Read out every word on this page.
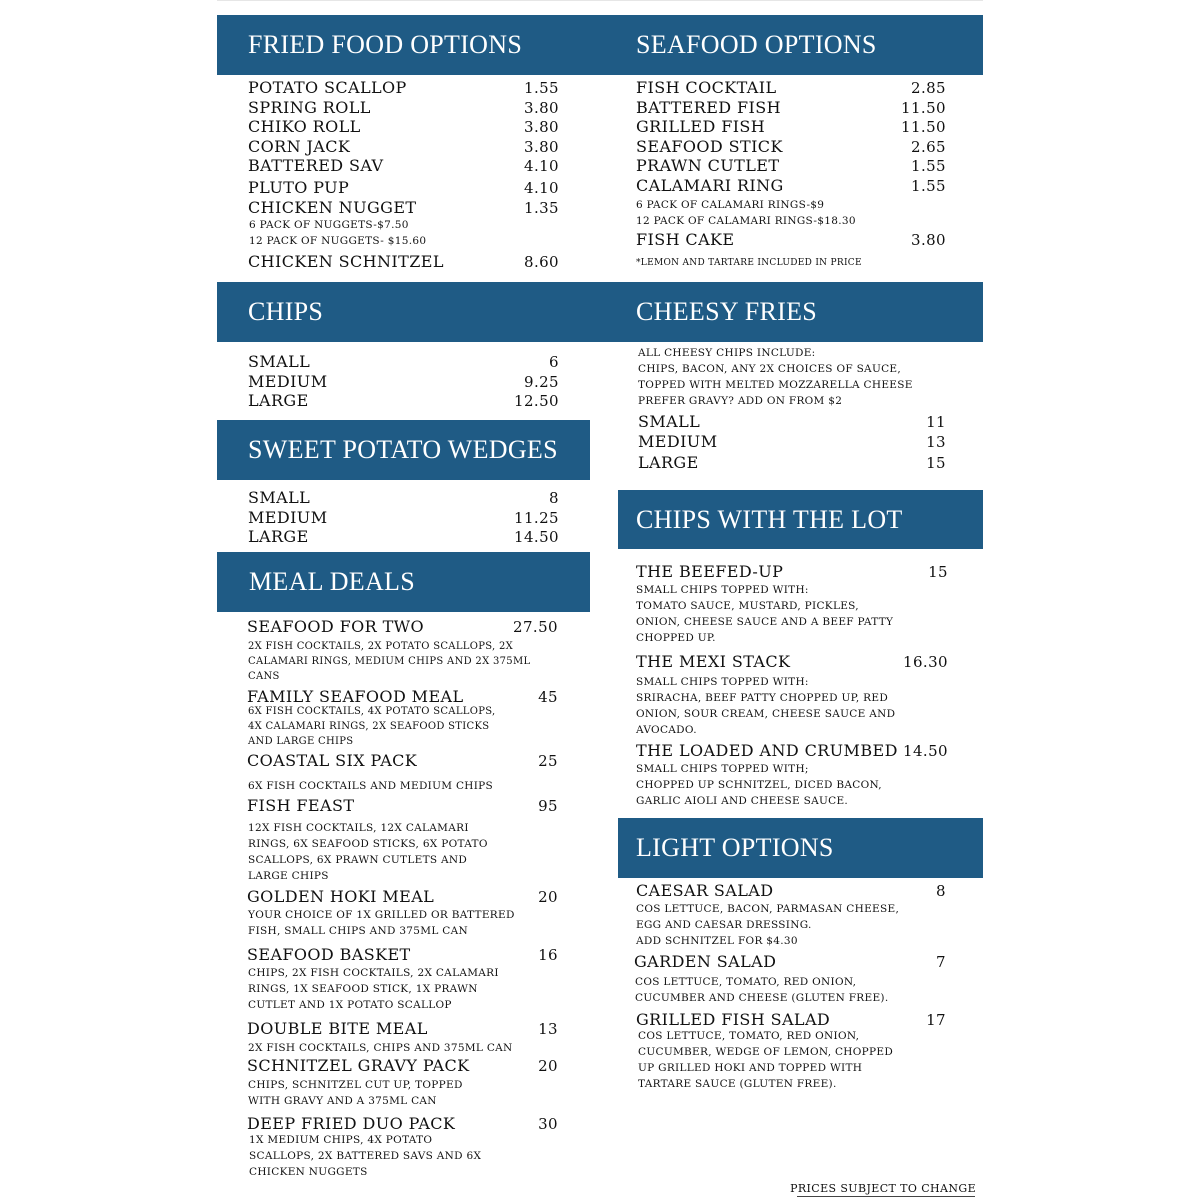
FRIED FOOD OPTIONS	SEAFOOD OPTIONS
POTATO SCALLOP	1.55
SPRING ROLL	3.80
CHIKO ROLL	3.80
CORN JACK	3.80
BATTERED SAV	4.10
PLUTO PUP	4.10
CHICKEN NUGGET	1.35
6 PACK OF NUGGETS-$7.50
12 PACK OF NUGGETS- $15.60
CHICKEN SCHNITZEL	8.60
FISH COCKTAIL	2.85
BATTERED FISH	11.50
GRILLED FISH	11.50
SEAFOOD STICK	2.65
PRAWN CUTLET	1.55
CALAMARI RING	1.55
6 PACK OF CALAMARI RINGS-$9
12 PACK OF CALAMARI RINGS-$18.30
FISH CAKE	3.80
*LEMON AND TARTARE INCLUDED IN PRICE
CHIPS	CHEESY FRIES
SMALL	6
MEDIUM	9.25
LARGE	12.50
ALL CHEESY CHIPS INCLUDE:
CHIPS, BACON, ANY 2X CHOICES OF SAUCE,
TOPPED WITH MELTED MOZZARELLA CHEESE
PREFER GRAVY? ADD ON FROM $2
SMALL	11
MEDIUM	13
LARGE	15
SWEET POTATO WEDGES
SMALL	8
MEDIUM	11.25
LARGE	14.50
CHIPS WITH THE LOT
THE BEEFED-UP	15
SMALL CHIPS TOPPED WITH:
TOMATO SAUCE, MUSTARD, PICKLES,
ONION, CHEESE SAUCE AND A BEEF PATTY
CHOPPED UP.
THE MEXI STACK	16.30
SMALL CHIPS TOPPED WITH:
SRIRACHA, BEEF PATTY CHOPPED UP, RED
ONION, SOUR CREAM, CHEESE SAUCE AND
AVOCADO.
THE LOADED AND CRUMBED 14.50
SMALL CHIPS TOPPED WITH;
CHOPPED UP SCHNITZEL, DICED BACON,
GARLIC AIOLI AND CHEESE SAUCE.
MEAL DEALS
SEAFOOD FOR TWO	27.50
2X FISH COCKTAILS, 2X POTATO SCALLOPS, 2X
CALAMARI RINGS, MEDIUM CHIPS AND 2X 375ML
CANS
FAMILY SEAFOOD MEAL	45
6X FISH COCKTAILS, 4X POTATO SCALLOPS,
4X CALAMARI RINGS, 2X SEAFOOD STICKS
AND LARGE CHIPS
COASTAL SIX PACK	25
6X FISH COCKTAILS AND MEDIUM CHIPS
FISH FEAST	95
12X FISH COCKTAILS, 12X CALAMARI
RINGS, 6X SEAFOOD STICKS, 6X POTATO
SCALLOPS, 6X PRAWN CUTLETS AND
LARGE CHIPS
GOLDEN HOKI MEAL	20
YOUR CHOICE OF 1X GRILLED OR BATTERED
FISH, SMALL CHIPS AND 375ML CAN
SEAFOOD BASKET	16
CHIPS, 2X FISH COCKTAILS, 2X CALAMARI
RINGS, 1X SEAFOOD STICK, 1X PRAWN
CUTLET AND 1X POTATO SCALLOP
DOUBLE BITE MEAL	13
2X FISH COCKTAILS, CHIPS AND 375ML CAN
SCHNITZEL GRAVY PACK	20
CHIPS, SCHNITZEL CUT UP, TOPPED
WITH GRAVY AND A 375ML CAN
DEEP FRIED DUO PACK	30
1X MEDIUM CHIPS, 4X POTATO
SCALLOPS, 2X BATTERED SAVS AND 6X
CHICKEN NUGGETS
LIGHT OPTIONS
CAESAR SALAD	8
COS LETTUCE, BACON, PARMASAN CHEESE,
EGG AND CAESAR DRESSING.
ADD SCHNITZEL FOR $4.30
GARDEN SALAD	7
COS LETTUCE, TOMATO, RED ONION,
CUCUMBER AND CHEESE (GLUTEN FREE).
GRILLED FISH SALAD	17
COS LETTUCE, TOMATO, RED ONION,
CUCUMBER, WEDGE OF LEMON, CHOPPED
UP GRILLED HOKI AND TOPPED WITH
TARTARE SAUCE (GLUTEN FREE).
PRICES SUBJECT TO CHANGE
